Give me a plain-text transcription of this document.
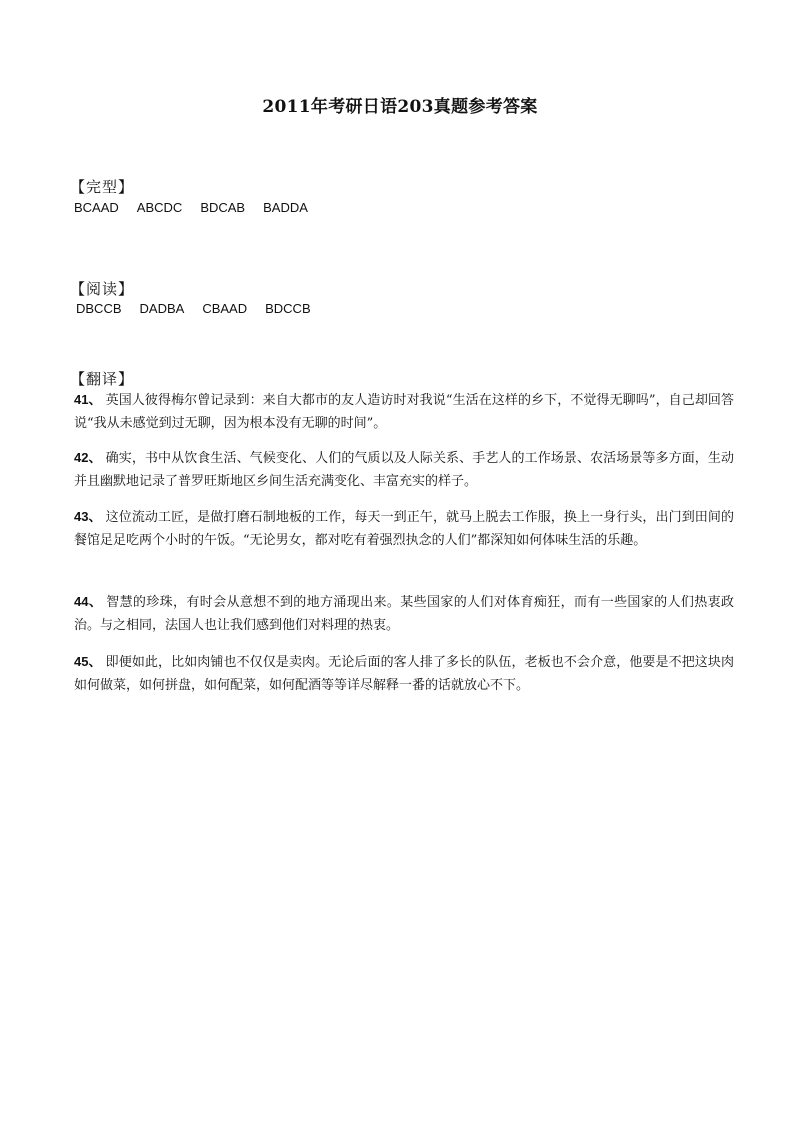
2011年考研日语203真题参考答案
【完型】
BCAAD ABCDC BDCAB BADDA
【阅读】
DBCCB DADBA CBAAD BDCCB
【翻译】
41、 英国人彼得梅尔曾记录到：来自大都市的友人造访时对我说“生活在这样的乡下，不觉得无聊吗”，自己却回答说“我从未感觉到过无聊，因为根本没有无聊的时间”。
42、 确实，书中从饮食生活、气候变化、人们的气质以及人际关系、手艺人的工作场景、农活场景等多方面，生动并且幽默地记录了普罗旺斯地区乡间生活充满变化、丰富充实的样子。
43、 这位流动工匠，是做打磨石制地板的工作，每天一到正午，就马上脱去工作服，换上一身行头，出门到田间的餐馆足足吃两个小时的午饭。“无论男女，都对吃有着强烈执念的人们”都深知如何体味生活的乐趣。
44、 智慧的珍珠，有时会从意想不到的地方涌现出来。某些国家的人们对体育痴狂，而有一些国家的人们热衷政治。与之相同，法国人也让我们感到他们对料理的热衷。
45、 即便如此，比如肉铺也不仅仅是卖肉。无论后面的客人排了多长的队伍，老板也不会介意，他要是不把这块肉如何做菜，如何拼盘，如何配菜，如何配酒等等详尽解释一番的话就放心不下。
